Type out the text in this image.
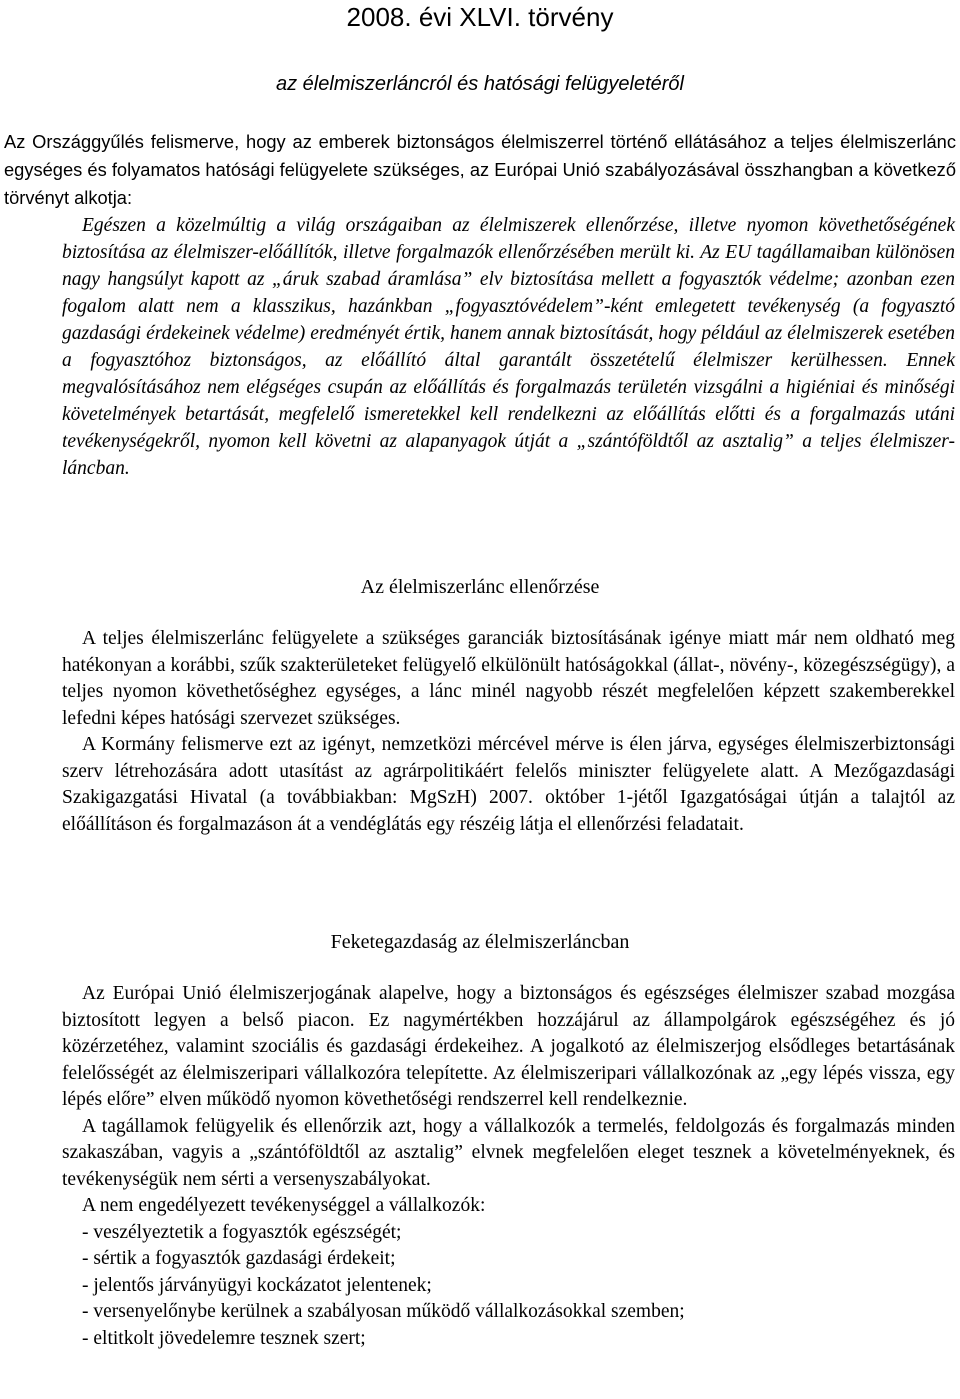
2008. évi XLVI. törvény
az élelmiszerláncról és hatósági felügyeletéről

Az Országgyűlés felismerve, hogy az emberek biztonságos élelmiszerrel történő ellátásához a teljes élelmiszerlánc egységes és folyamatos hatósági felügyelete szükséges, az Európai Unió szabályozásával összhangban a következő törvényt alkotja:

Egészen a közelmúltig a világ országaiban az élelmiszerek ellenőrzése, illetve nyomon követhetőségének biztosítása az élelmiszer-előállítók, illetve forgalmazók ellenőrzésében merült ki. Az EU tagállamaiban különösen nagy hangsúlyt kapott az „áruk szabad áramlása” elv biztosítása mellett a fogyasztók védelme; azonban ezen fogalom alatt nem a klasszikus, hazánkban „fogyasztóvédelem”-ként emlegetett tevékenység (a fogyasztó gazdasági érdekeinek védelme) eredményét értik, hanem annak biztosítását, hogy például az élelmiszerek esetében a fogyasztóhoz biztonságos, az előállító által garantált összetételű élelmiszer kerülhessen. Ennek megvalósításához nem elégséges csupán az előállítás és forgalmazás területén vizsgálni a higiéniai és minőségi követelmények betartását, megfelelő ismeretekkel kell rendelkezni az előállítás előtti és a forgalmazás utáni tevékenységekről, nyomon kell követni az alapanyagok útját a „szántóföldtől az asztalig” a teljes élelmiszer-láncban.

Az élelmiszerlánc ellenőrzése

A teljes élelmiszerlánc felügyelete a szükséges garanciák biztosításának igénye miatt már nem oldható meg hatékonyan a korábbi, szűk szakterületeket felügyelő elkülönült hatóságokkal (állat-, növény-, közegészségügy), a teljes nyomon követhetőséghez egységes, a lánc minél nagyobb részét megfelelően képzett szakemberekkel lefedni képes hatósági szervezet szükséges.

A Kormány felismerve ezt az igényt, nemzetközi mércével mérve is élen járva, egységes élelmiszerbiztonsági szerv létrehozására adott utasítást az agrárpolitikáért felelős miniszter felügyelete alatt. A Mezőgazdasági Szakigazgatási Hivatal (a továbbiakban: MgSzH) 2007. október 1-jétől Igazgatóságai útján a talajtól az előállításon és forgalmazáson át a vendéglátás egy részéig látja el ellenőrzési feladatait.

Feketegazdaság az élelmiszerláncban

Az Európai Unió élelmiszerjogának alapelve, hogy a biztonságos és egészséges élelmiszer szabad mozgása biztosított legyen a belső piacon. Ez nagymértékben hozzájárul az állampolgárok egészségéhez és jó közérzetéhez, valamint szociális és gazdasági érdekeihez. A jogalkotó az élelmiszerjog elsődleges betartásának felelősségét az élelmiszeripari vállalkozóra telepítette. Az élelmiszeripari vállalkozónak az „egy lépés vissza, egy lépés előre” elven működő nyomon követhetőségi rendszerrel kell rendelkeznie.

A tagállamok felügyelik és ellenőrzik azt, hogy a vállalkozók a termelés, feldolgozás és forgalmazás minden szakaszában, vagyis a „szántóföldtől az asztalig” elvnek megfelelően eleget tesznek a követelményeknek, és tevékenységük nem sérti a versenyszabályokat.

A nem engedélyezett tevékenységgel a vállalkozók:
- veszélyeztetik a fogyasztók egészségét;
- sértik a fogyasztók gazdasági érdekeit;
- jelentős járványügyi kockázatot jelentenek;
- versenyelőnybe kerülnek a szabályosan működő vállalkozásokkal szemben;
- eltitkolt jövedelemre tesznek szert;
